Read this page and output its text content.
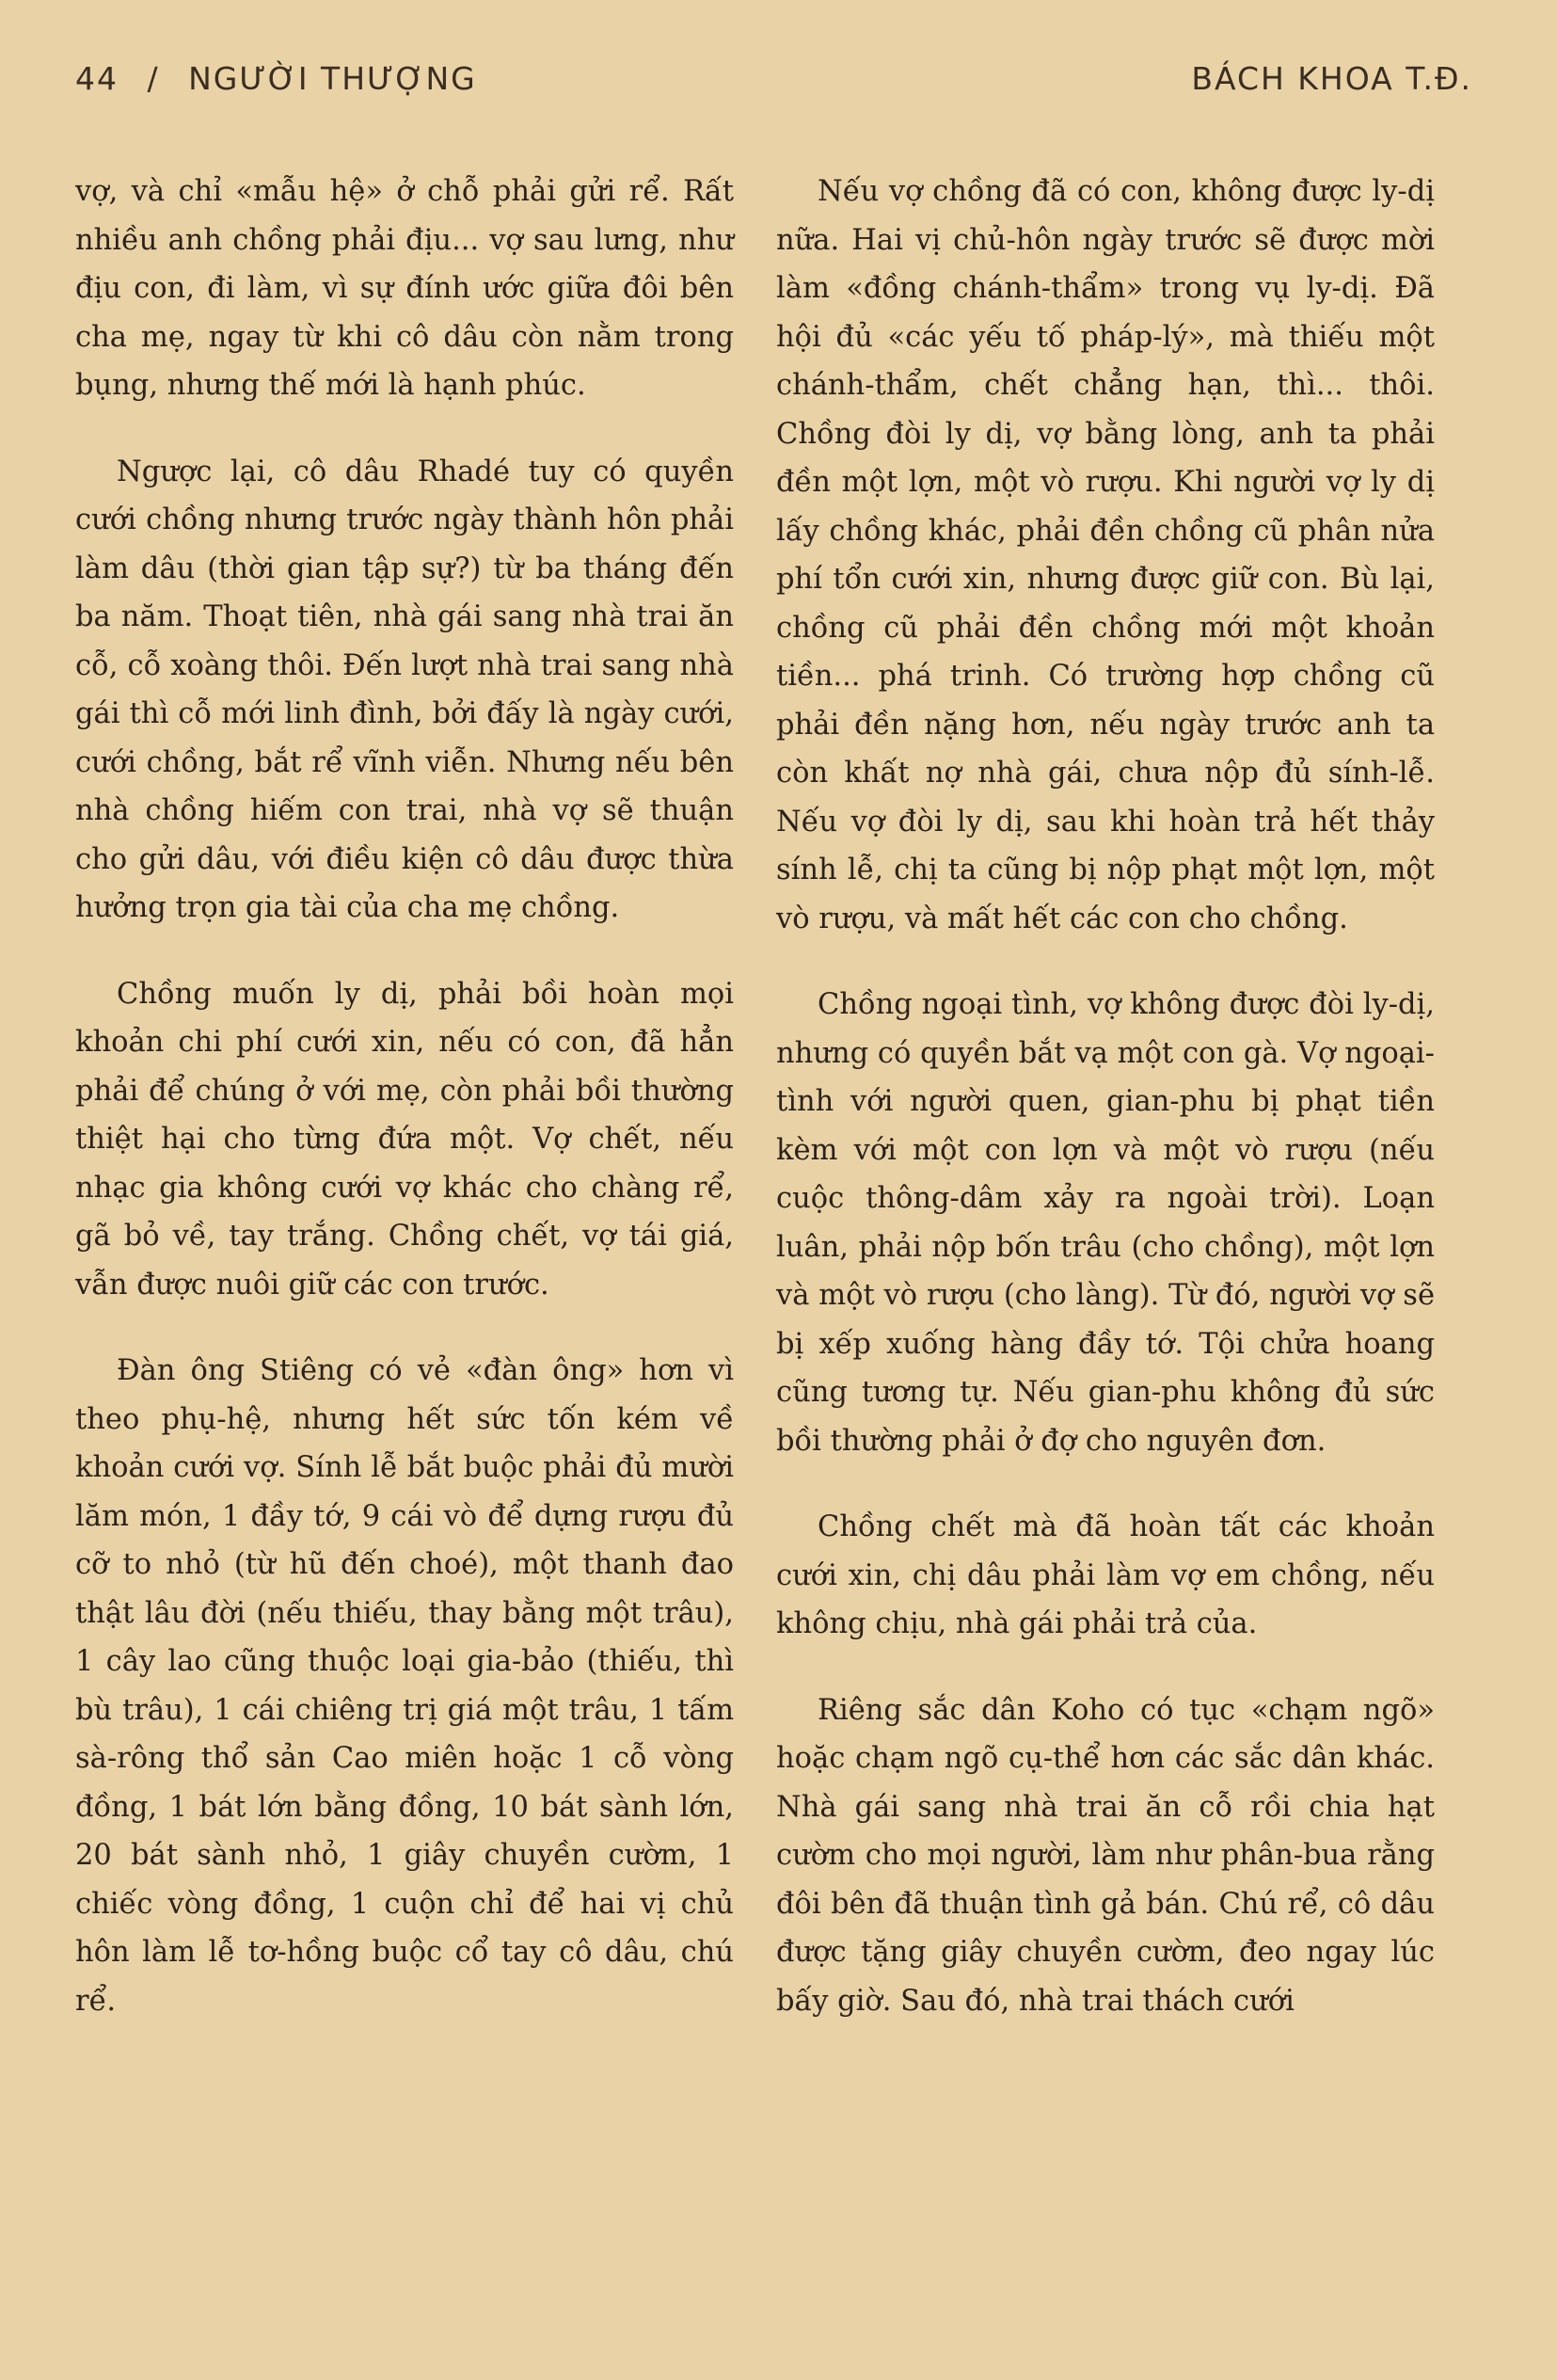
44 / NGƯỜI THƯỢNG	BÁCH KHOA T.Đ.

vợ, và chỉ «mẫu hệ» ở chỗ phải gửi rể. Rất nhiều anh chồng phải địu... vợ sau lưng, như địu con, đi làm, vì sự đính ước giữa đôi bên cha mẹ, ngay từ khi cô dâu còn nằm trong bụng, nhưng thế mới là hạnh phúc.

Ngược lại, cô dâu Rhadé tuy có quyền cưới chồng nhưng trước ngày thành hôn phải làm dâu (thời gian tập sự?) từ ba tháng đến ba năm. Thoạt tiên, nhà gái sang nhà trai ăn cỗ, cỗ xoàng thôi. Đến lượt nhà trai sang nhà gái thì cỗ mới linh đình, bởi đấy là ngày cưới, cưới chồng, bắt rể vĩnh viễn. Nhưng nếu bên nhà chồng hiếm con trai, nhà vợ sẽ thuận cho gửi dâu, với điều kiện cô dâu được thừa hưởng trọn gia tài của cha mẹ chồng.

Chồng muốn ly dị, phải bồi hoàn mọi khoản chi phí cưới xin, nếu có con, đã hẳn phải để chúng ở với mẹ, còn phải bồi thường thiệt hại cho từng đứa một. Vợ chết, nếu nhạc gia không cưới vợ khác cho chàng rể, gã bỏ về, tay trắng. Chồng chết, vợ tái giá, vẫn được nuôi giữ các con trước.

Đàn ông Stiêng có vẻ «đàn ông» hơn vì theo phụ-hệ, nhưng hết sức tốn kém về khoản cưới vợ. Sính lễ bắt buộc phải đủ mười lăm món, 1 đầy tớ, 9 cái vò để dựng rượu đủ cỡ to nhỏ (từ hũ đến choé), một thanh đao thật lâu đời (nếu thiếu, thay bằng một trâu), 1 cây lao cũng thuộc loại gia-bảo (thiếu, thì bù trâu), 1 cái chiêng trị giá một trâu, 1 tấm sà-rông thổ sản Cao miên hoặc 1 cỗ vòng đồng, 1 bát lớn bằng đồng, 10 bát sành lớn, 20 bát sành nhỏ, 1 giây chuyền cườm, 1 chiếc vòng đồng, 1 cuộn chỉ để hai vị chủ hôn làm lễ tơ-hồng buộc cổ tay cô dâu, chú rể.

Nếu vợ chồng đã có con, không được ly-dị nữa. Hai vị chủ-hôn ngày trước sẽ được mời làm «đồng chánh-thẩm» trong vụ ly-dị. Đã hội đủ «các yếu tố pháp-lý», mà thiếu một chánh-thẩm, chết chẳng hạn, thì... thôi. Chồng đòi ly dị, vợ bằng lòng, anh ta phải đền một lợn, một vò rượu. Khi người vợ ly dị lấy chồng khác, phải đền chồng cũ phân nửa phí tổn cưới xin, nhưng được giữ con. Bù lại, chồng cũ phải đền chồng mới một khoản tiền... phá trinh. Có trường hợp chồng cũ phải đền nặng hơn, nếu ngày trước anh ta còn khất nợ nhà gái, chưa nộp đủ sính-lễ. Nếu vợ đòi ly dị, sau khi hoàn trả hết thảy sính lễ, chị ta cũng bị nộp phạt một lợn, một vò rượu, và mất hết các con cho chồng.

Chồng ngoại tình, vợ không được đòi ly-dị, nhưng có quyền bắt vạ một con gà. Vợ ngoại-tình với người quen, gian-phu bị phạt tiền kèm với một con lợn và một vò rượu (nếu cuộc thông-dâm xảy ra ngoài trời). Loạn luân, phải nộp bốn trâu (cho chồng), một lợn và một vò rượu (cho làng). Từ đó, người vợ sẽ bị xếp xuống hàng đầy tớ. Tội chửa hoang cũng tương tự. Nếu gian-phu không đủ sức bồi thường phải ở đợ cho nguyên đơn.

Chồng chết mà đã hoàn tất các khoản cưới xin, chị dâu phải làm vợ em chồng, nếu không chịu, nhà gái phải trả của.

Riêng sắc dân Koho có tục «chạm ngõ» hoặc chạm ngõ cụ-thể hơn các sắc dân khác. Nhà gái sang nhà trai ăn cỗ rồi chia hạt cườm cho mọi người, làm như phân-bua rằng đôi bên đã thuận tình gả bán. Chú rể, cô dâu được tặng giây chuyền cườm, đeo ngay lúc bấy giờ. Sau đó, nhà trai thách cưới
